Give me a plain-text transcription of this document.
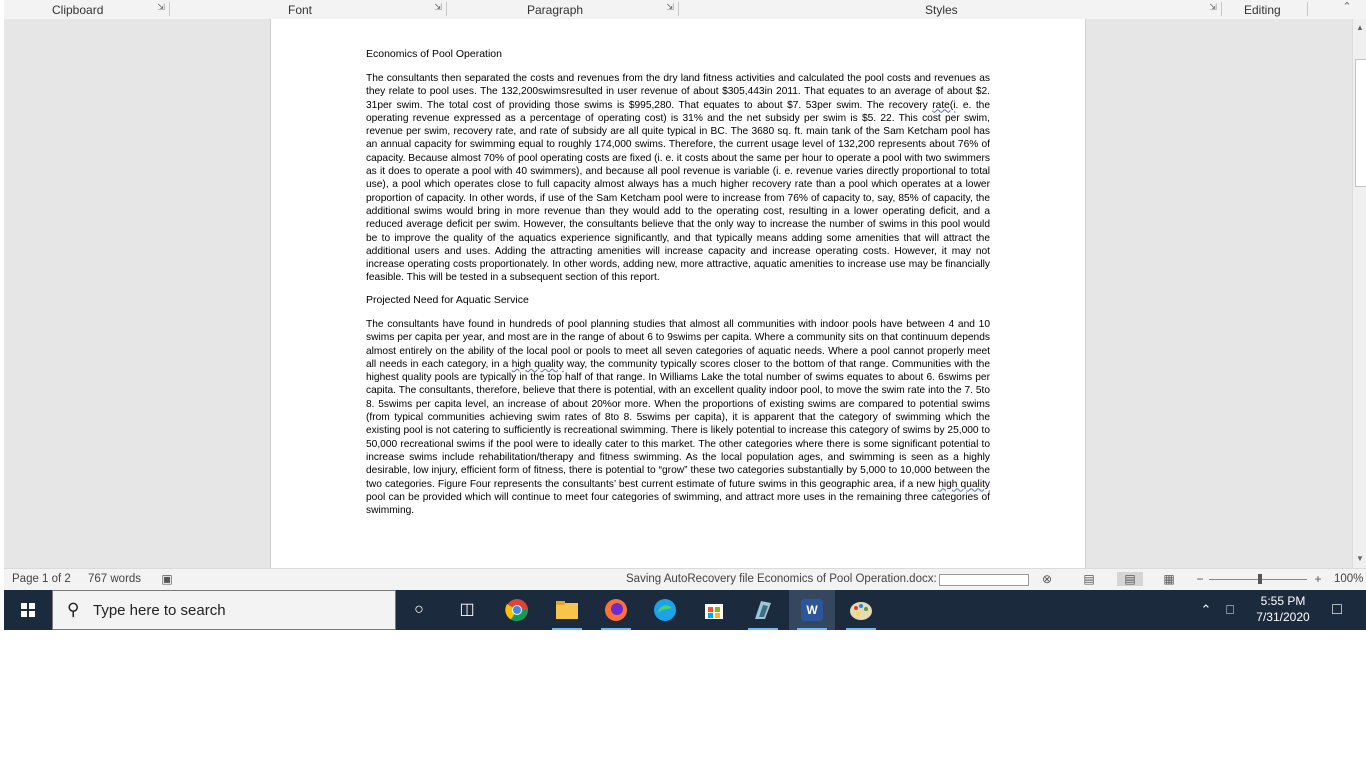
Clipboard	⇲	Font	⇲	Paragraph	⇲	Styles	⇲ Editing	⌃
Economics of Pool Operation
The consultants then separated the costs and revenues from the dry land fitness activities and calculated the pool costs and revenues as they relate to pool uses. The 132,200swimsresulted in user revenue of about $305,443in 2011. That equates to an average of about $2. 31per swim. The total cost of providing those swims is $995,280. That equates to about $7. 53per swim. The recovery rate(i. e. the operating revenue expressed as a percentage of operating cost) is 31% and the net subsidy per swim is $5. 22. This cost per swim, revenue per swim, recovery rate, and rate of subsidy are all quite typical in BC. The 3680 sq. ft. main tank of the Sam Ketcham pool has an annual capacity for swimming equal to roughly 174,000 swims. Therefore, the current usage level of 132,200 represents about 76% of capacity. Because almost 70% of pool operating costs are fixed (i. e. it costs about the same per hour to operate a pool with two swimmers as it does to operate a pool with 40 swimmers), and because all pool revenue is variable (i. e. revenue varies directly proportional to total use), a pool which operates close to full capacity almost always has a much higher recovery rate than a pool which operates at a lower proportion of capacity. In other words, if use of the Sam Ketcham pool were to increase from 76% of capacity to, say, 85% of capacity, the additional swims would bring in more revenue than they would add to the operating cost, resulting in a lower operating deficit, and a reduced average deficit per swim. However, the consultants believe that the only way to increase the number of swims in this pool would be to improve the quality of the aquatics experience significantly, and that typically means adding some amenities that will attract the additional users and uses. Adding the attracting amenities will increase capacity and increase operating costs. However, it may not increase operating costs proportionately. In other words, adding new, more attractive, aquatic amenities to increase use may be financially feasible. This will be tested in a subsequent section of this report.
Projected Need for Aquatic Service
The consultants have found in hundreds of pool planning studies that almost all communities with indoor pools have between 4 and 10 swims per capita per year, and most are in the range of about 6 to 9swims per capita. Where a community sits on that continuum depends almost entirely on the ability of the local pool or pools to meet all seven categories of aquatic needs. Where a pool cannot properly meet all needs in each category, in a high quality way, the community typically scores closer to the bottom of that range. Communities with the highest quality pools are typically in the top half of that range. In Williams Lake the total number of swims equates to about 6. 6swims per capita. The consultants, therefore, believe that there is potential, with an excellent quality indoor pool, to move the swim rate into the 7. 5to 8. 5swims per capita level, an increase of about 20%or more. When the proportions of existing swims are compared to potential swims (from typical communities achieving swim rates of 8to 8. 5swims per capita), it is apparent that the category of swimming which the existing pool is not catering to sufficiently is recreational swimming. There is likely potential to increase this category of swims by 25,000 to 50,000 recreational swims if the pool were to ideally cater to this market. The other categories where there is some significant potential to increase swims include rehabilitation/therapy and fitness swimming. As the local population ages, and swimming is seen as a highly desirable, low injury, efficient form of fitness, there is potential to “grow” these two categories substantially by 5,000 to 10,000 between the two categories. Figure Four represents the consultants’ best current estimate of future swims in this geographic area, if a new high quality pool can be provided which will continue to meet four categories of swimming, and attract more uses in the remaining three categories of swimming.
▲
▼
Page 1 of 2 767 words ▣	Saving AutoRecovery file Economics of Pool Operation.docx:	⊗	▤	▤	▦	−	+	100%
⚲ Type here to search	○	◫	W	⌃	⎕
5:55 PM
7/31/2020	□
